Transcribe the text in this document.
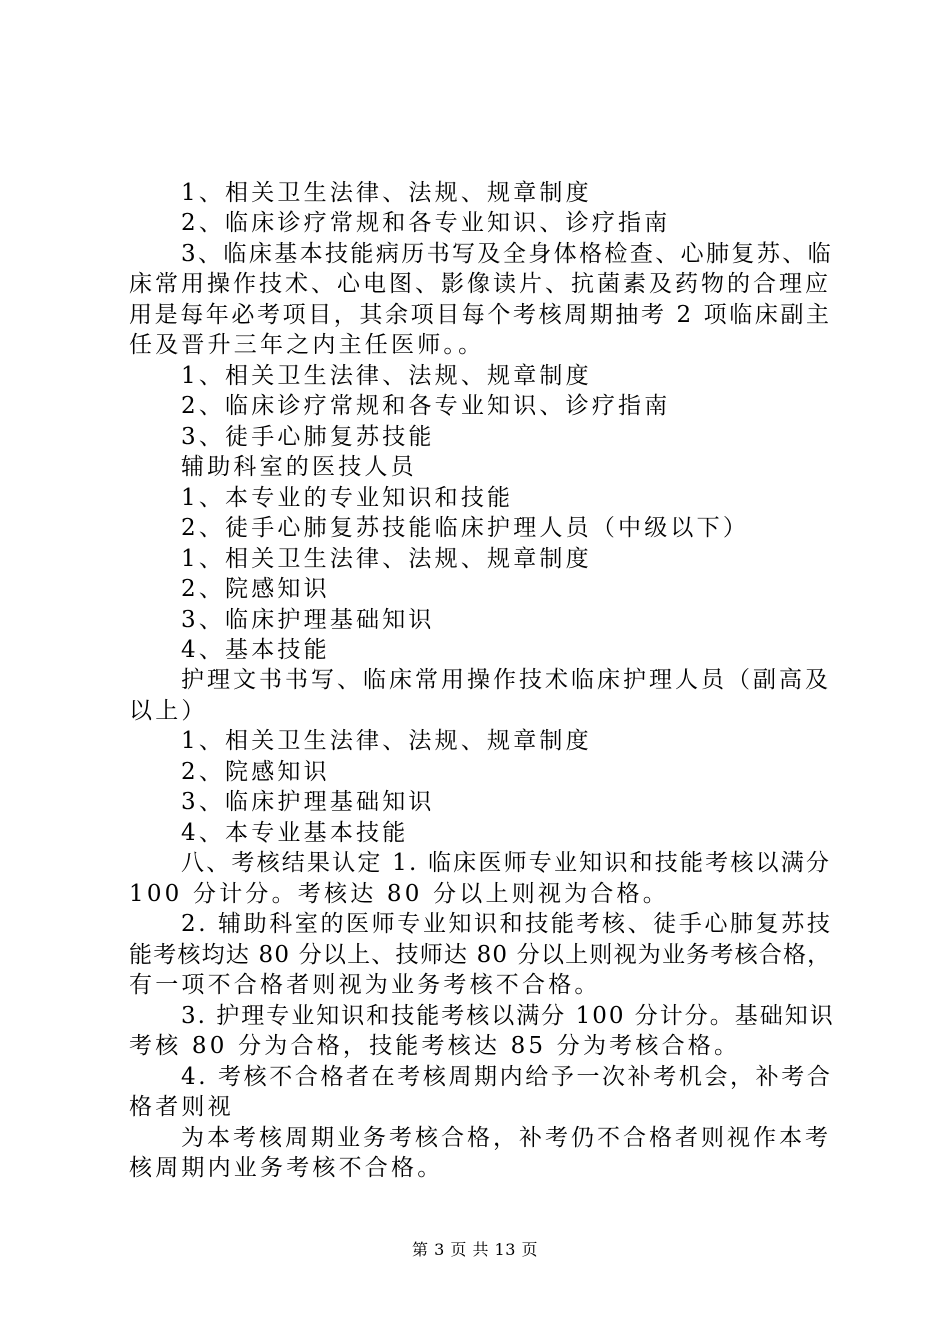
1、相关卫生法律、法规、规章制度
2、临床诊疗常规和各专业知识、诊疗指南
3、临床基本技能病历书写及全身体格检查、心肺复苏、临
床常用操作技术、心电图、影像读片、抗菌素及药物的合理应
用是每年必考项目，其余项目每个考核周期抽考 2 项临床副主
任及晋升三年之内主任医师。。
1、相关卫生法律、法规、规章制度
2、临床诊疗常规和各专业知识、诊疗指南
3、徒手心肺复苏技能
辅助科室的医技人员
1、本专业的专业知识和技能
2、徒手心肺复苏技能临床护理人员（中级以下）
1、相关卫生法律、法规、规章制度
2、院感知识
3、临床护理基础知识
4、基本技能
护理文书书写、临床常用操作技术临床护理人员（副高及
以上）
1、相关卫生法律、法规、规章制度
2、院感知识
3、临床护理基础知识
4、本专业基本技能
八、考核结果认定 1. 临床医师专业知识和技能考核以满分
100 分计分。考核达 80 分以上则视为合格。
2. 辅助科室的医师专业知识和技能考核、徒手心肺复苏技
能考核均达 80 分以上、技师达 80 分以上则视为业务考核合格，
有一项不合格者则视为业务考核不合格。
3. 护理专业知识和技能考核以满分 100 分计分。基础知识
考核 80 分为合格，技能考核达 85 分为考核合格。
4. 考核不合格者在考核周期内给予一次补考机会，补考合
格者则视
为本考核周期业务考核合格，补考仍不合格者则视作本考
核周期内业务考核不合格。
第 3 页 共 13 页
